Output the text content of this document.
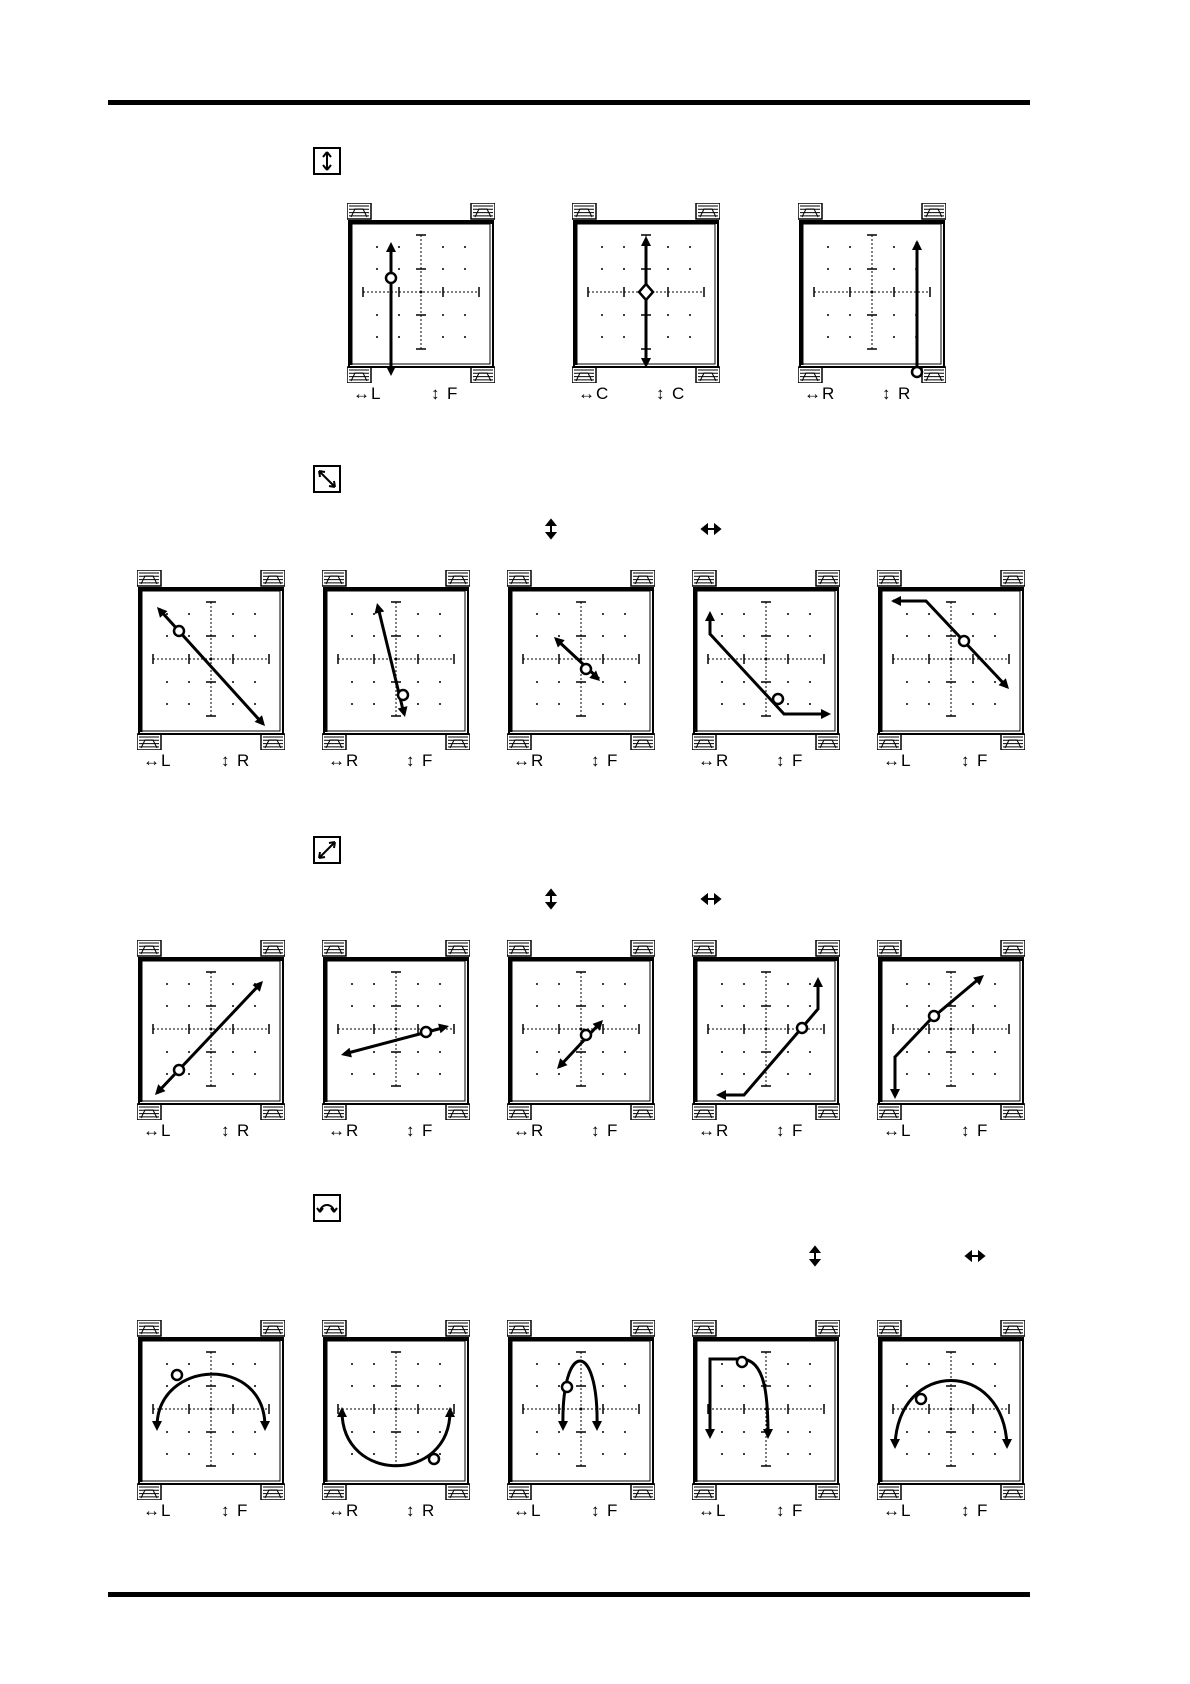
↔ L	↕ F	↔ C	↕ C	↔ R	↕ R
↔ L	↕ R	↔ R	↕ F	↔ R	↕ F	↔ R	↕ F	↔ L	↕ F
↔ L	↕ R	↔ R	↕ F	↔ R	↕ F	↔ R	↕ F	↔ L	↕ F
↔ L	↕ F	↔ R	↕ R	↔ L	↕ F	↔ L	↕ F	↔ L	↕ F
